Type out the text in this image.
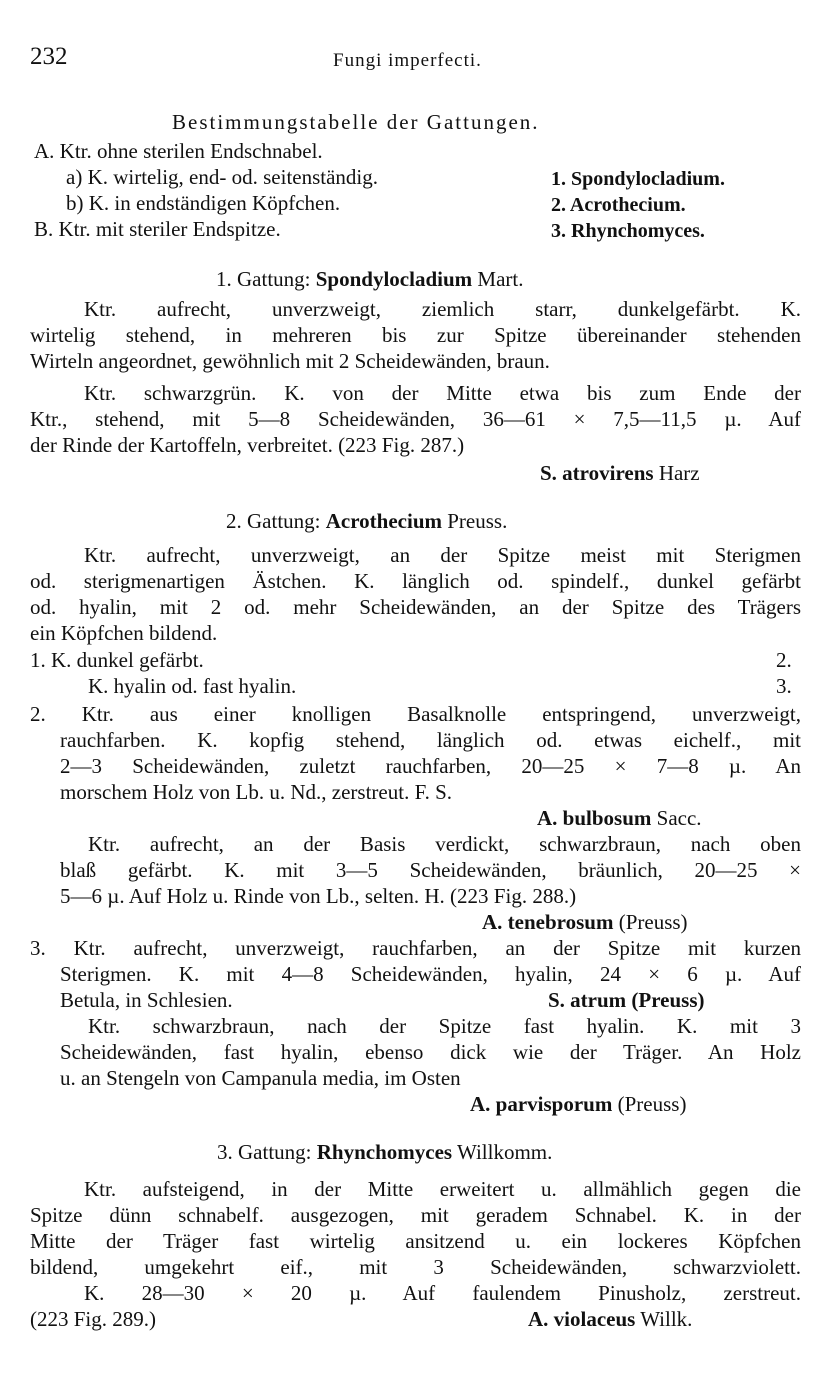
232	Fungi imperfecti.
Bestimmungstabelle der Gattungen.
A. Ktr. ohne sterilen Endschnabel.
a) K. wirtelig, end- od. seitenständig.	1. Spondylocladium.
b) K. in endständigen Köpfchen.	2. Acrothecium.
B. Ktr. mit steriler Endspitze.	3. Rhynchomyces.
1. Gattung: Spondylocladium Mart.
Ktr. aufrecht, unverzweigt, ziemlich starr, dunkelgefärbt. K.
wirtelig stehend, in mehreren bis zur Spitze übereinander stehenden
Wirteln angeordnet, gewöhnlich mit 2 Scheidewänden, braun.
Ktr. schwarzgrün. K. von der Mitte etwa bis zum Ende der
Ktr., stehend, mit 5—8 Scheidewänden, 36—61 × 7,5—11,5 µ. Auf
der Rinde der Kartoffeln, verbreitet. (223 Fig. 287.)
S. atrovirens Harz
2. Gattung: Acrothecium Preuss.
Ktr. aufrecht, unverzweigt, an der Spitze meist mit Sterigmen
od. sterigmenartigen Ästchen. K. länglich od. spindelf., dunkel gefärbt
od. hyalin, mit 2 od. mehr Scheidewänden, an der Spitze des Trägers
ein Köpfchen bildend.
1. K. dunkel gefärbt.	2.
K. hyalin od. fast hyalin.	3.
2. Ktr. aus einer knolligen Basalknolle entspringend, unverzweigt,
rauchfarben. K. kopfig stehend, länglich od. etwas eichelf., mit
2—3 Scheidewänden, zuletzt rauchfarben, 20—25 × 7—8 µ. An
morschem Holz von Lb. u. Nd., zerstreut. F. S.
A. bulbosum Sacc.
Ktr. aufrecht, an der Basis verdickt, schwarzbraun, nach oben
blaß gefärbt. K. mit 3—5 Scheidewänden, bräunlich, 20—25 ×
5—6 µ. Auf Holz u. Rinde von Lb., selten. H. (223 Fig. 288.)
A. tenebrosum (Preuss)
3. Ktr. aufrecht, unverzweigt, rauchfarben, an der Spitze mit kurzen
Sterigmen. K. mit 4—8 Scheidewänden, hyalin, 24 × 6 µ. Auf
Betula, in Schlesien.	S. atrum (Preuss)
Ktr. schwarzbraun, nach der Spitze fast hyalin. K. mit 3
Scheidewänden, fast hyalin, ebenso dick wie der Träger. An Holz
u. an Stengeln von Campanula media, im Osten
A. parvisporum (Preuss)
3. Gattung: Rhynchomyces Willkomm.
Ktr. aufsteigend, in der Mitte erweitert u. allmählich gegen die
Spitze dünn schnabelf. ausgezogen, mit geradem Schnabel. K. in der
Mitte der Träger fast wirtelig ansitzend u. ein lockeres Köpfchen
bildend, umgekehrt eif., mit 3 Scheidewänden, schwarzviolett.
K. 28—30 × 20 µ. Auf faulendem Pinusholz, zerstreut.
(223 Fig. 289.)	A. violaceus Willk.
